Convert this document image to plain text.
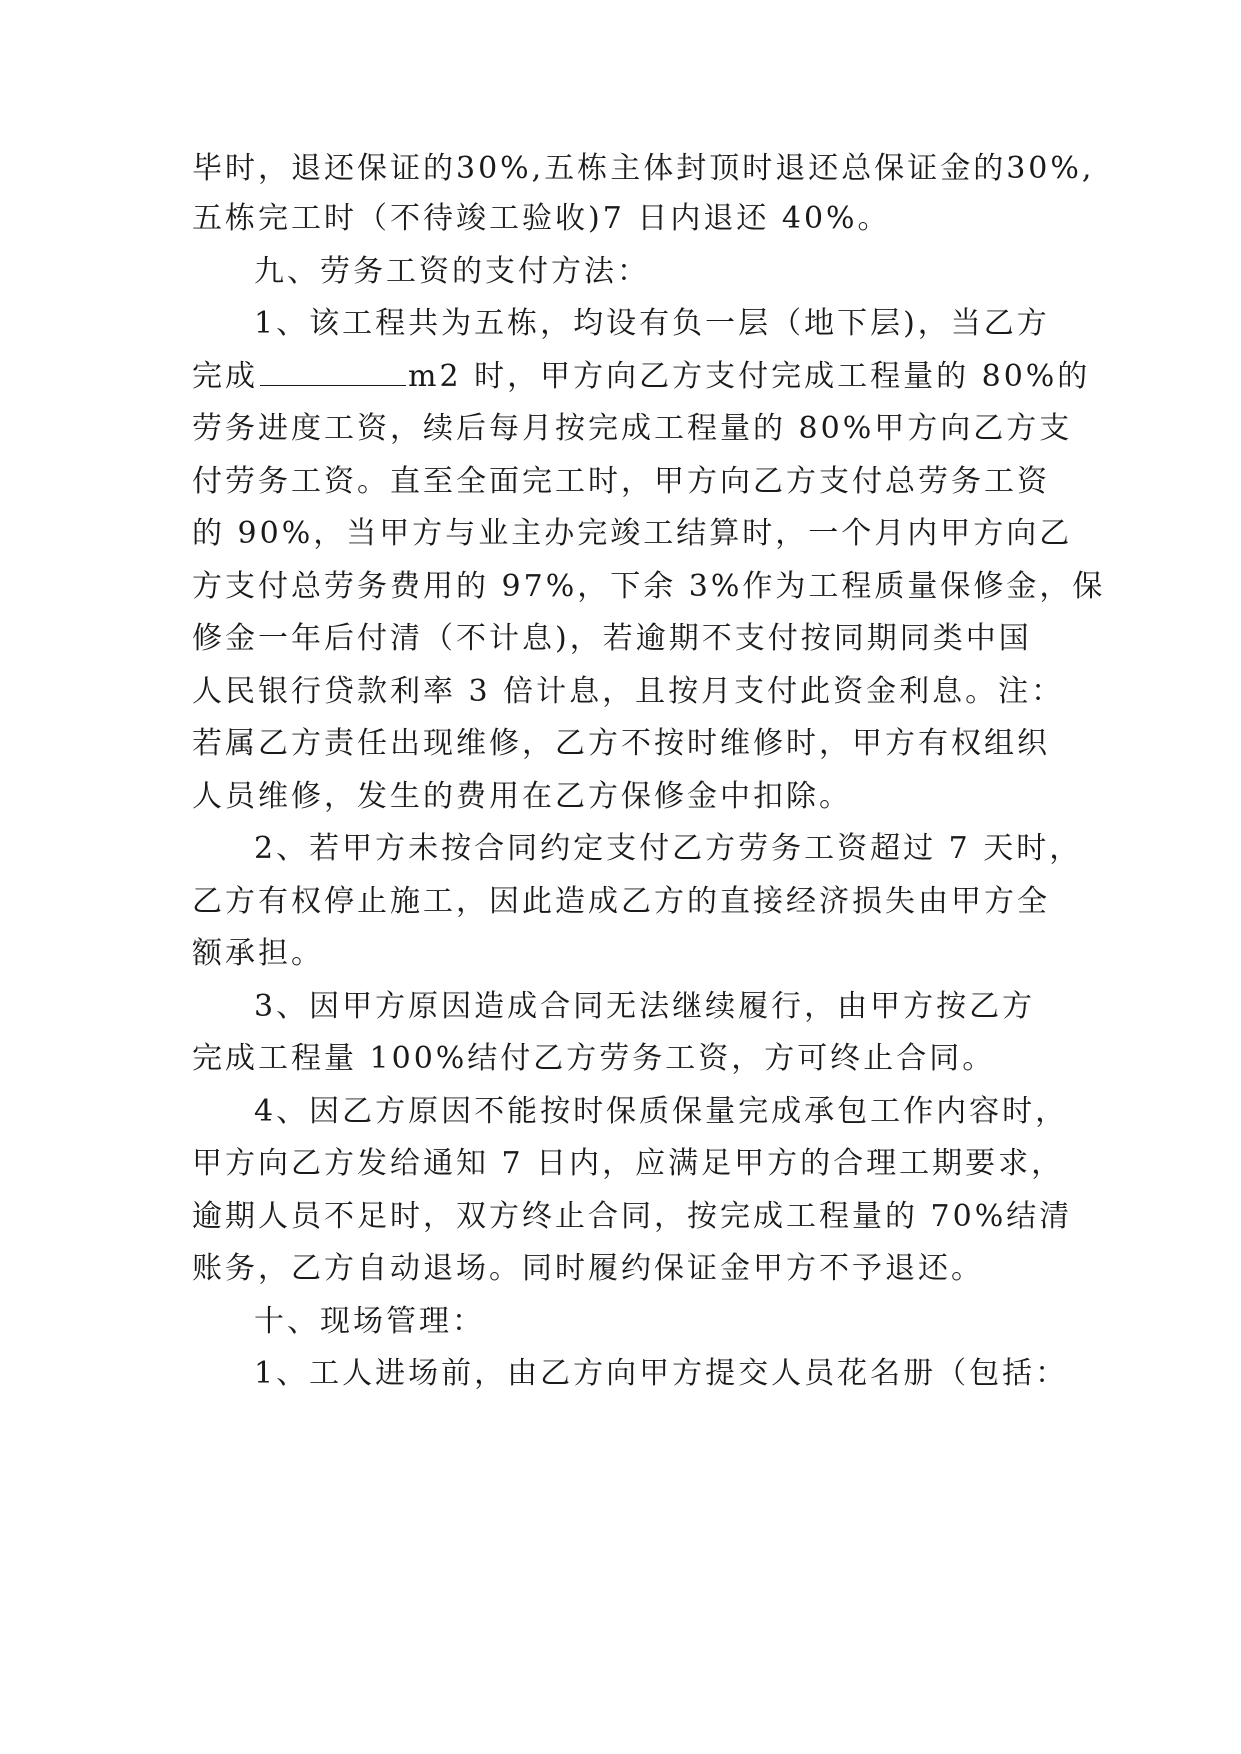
毕时，退还保证的30%,五栋主体封顶时退还总保证金的30%,
五栋完工时（不待竣工验收)7 日内退还 40%。
九、劳务工资的支付方法：
1、该工程共为五栋，均设有负一层（地下层)，当乙方
完成	m2 时，甲方向乙方支付完成工程量的 80%的
劳务进度工资，续后每月按完成工程量的 80%甲方向乙方支
付劳务工资。直至全面完工时，甲方向乙方支付总劳务工资
的 90%，当甲方与业主办完竣工结算时，一个月内甲方向乙
方支付总劳务费用的 97%，下余 3%作为工程质量保修金，保
修金一年后付清（不计息)，若逾期不支付按同期同类中国
人民银行贷款利率 3 倍计息，且按月支付此资金利息。注：
若属乙方责任出现维修，乙方不按时维修时，甲方有权组织
人员维修，发生的费用在乙方保修金中扣除。
2、若甲方未按合同约定支付乙方劳务工资超过 7 天时，
乙方有权停止施工，因此造成乙方的直接经济损失由甲方全
额承担。
3、因甲方原因造成合同无法继续履行，由甲方按乙方
完成工程量 100%结付乙方劳务工资，方可终止合同。
4、因乙方原因不能按时保质保量完成承包工作内容时，
甲方向乙方发给通知 7 日内，应满足甲方的合理工期要求，
逾期人员不足时，双方终止合同，按完成工程量的 70%结清
账务，乙方自动退场。同时履约保证金甲方不予退还。
十、现场管理：
1、工人进场前，由乙方向甲方提交人员花名册（包括：
